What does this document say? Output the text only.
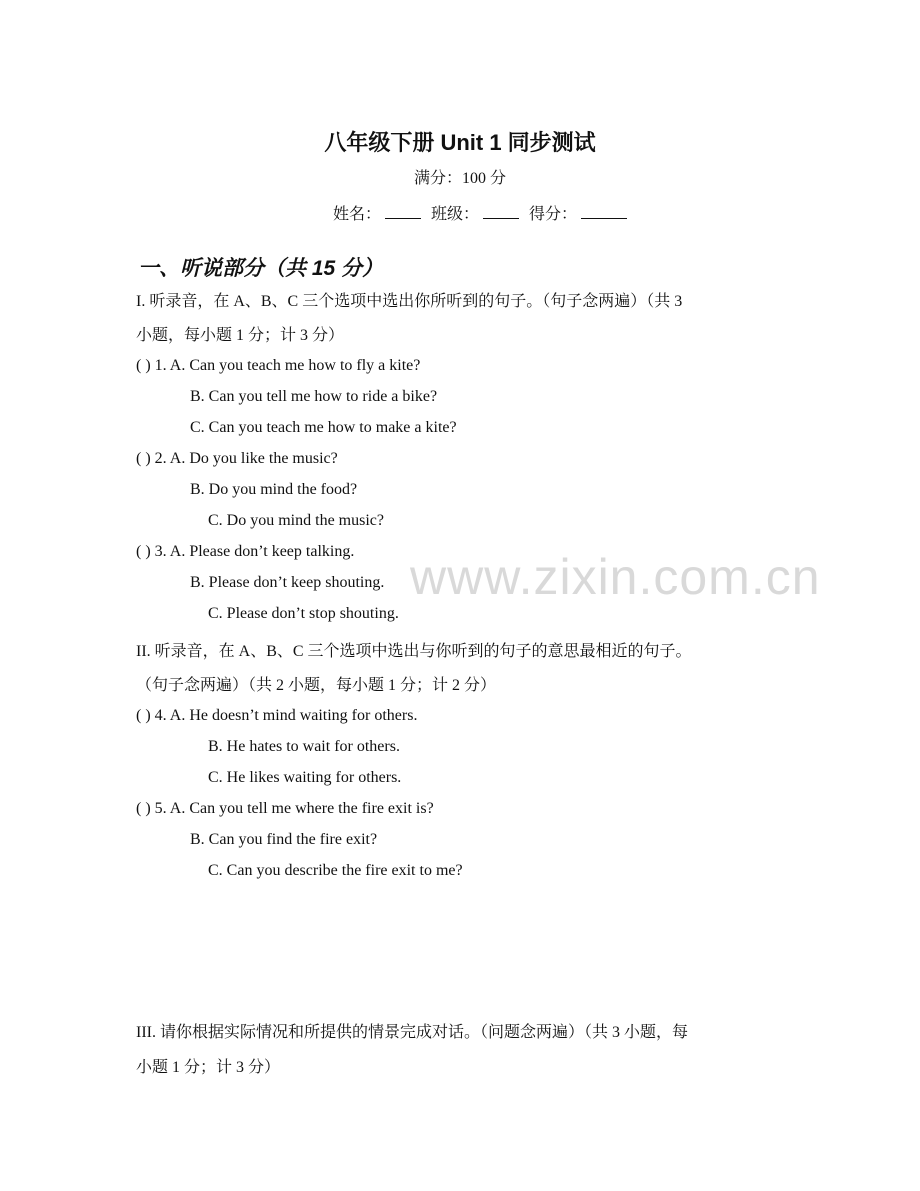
www.zixin.com.cn
八年级下册 Unit 1 同步测试
满分：100 分
姓名：	班级：	得分：
一、听说部分（共 15 分）
I. 听录音，在 A、B、C 三个选项中选出你所听到的句子。（句子念两遍）（共 3
小题，每小题 1 分；计 3 分）
( ) 1. A. Can you teach me how to fly a kite?
B. Can you tell me how to ride a bike?
C. Can you teach me how to make a kite?
( ) 2. A. Do you like the music?
B. Do you mind the food?
C. Do you mind the music?
( ) 3. A. Please don’t keep talking.
B. Please don’t keep shouting.
C. Please don’t stop shouting.
II. 听录音，在 A、B、C 三个选项中选出与你听到的句子的意思最相近的句子。
（句子念两遍）（共 2 小题，每小题 1 分；计 2 分）
( ) 4. A. He doesn’t mind waiting for others.
B. He hates to wait for others.
C. He likes waiting for others.
( ) 5. A. Can you tell me where the fire exit is?
B. Can you find the fire exit?
C. Can you describe the fire exit to me?
III. 请你根据实际情况和所提供的情景完成对话。（问题念两遍）（共 3 小题，每
小题 1 分；计 3 分）
